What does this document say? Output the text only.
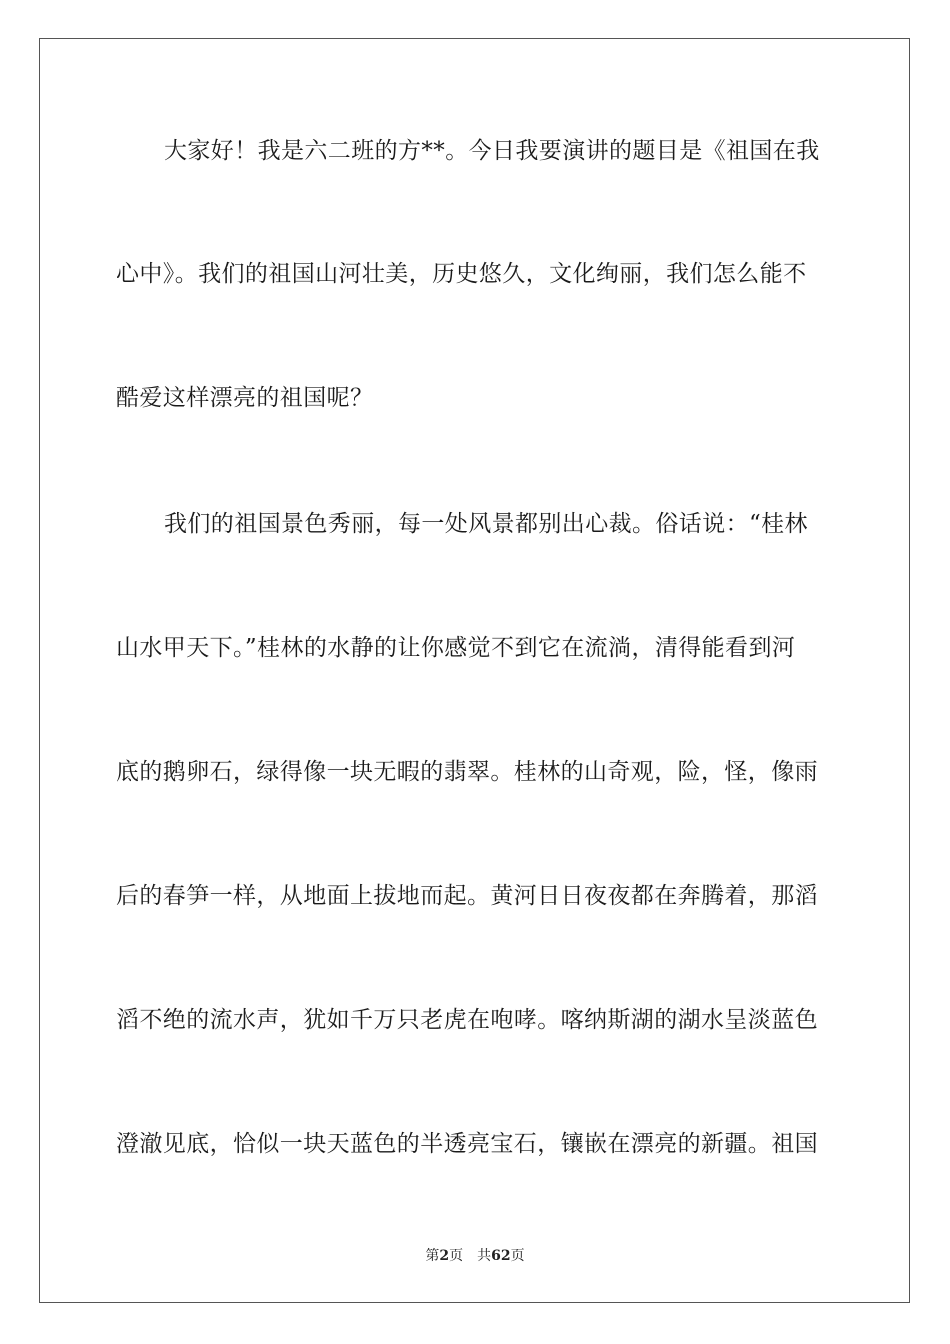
大家好！我是六二班的方**。今日我要演讲的题目是《祖国在我
心中》。我们的祖国山河壮美，历史悠久，文化绚丽，我们怎么能不
酷爱这样漂亮的祖国呢？
我们的祖国景色秀丽，每一处风景都别出心裁。俗话说：“桂林
山水甲天下。”桂林的水静的让你感觉不到它在流淌，清得能看到河
底的鹅卵石，绿得像一块无暇的翡翠。桂林的山奇观，险，怪，像雨
后的春笋一样，从地面上拔地而起。黄河日日夜夜都在奔腾着，那滔
滔不绝的流水声，犹如千万只老虎在咆哮。喀纳斯湖的湖水呈淡蓝色
澄澈见底，恰似一块天蓝色的半透亮宝石，镶嵌在漂亮的新疆。祖国
第2页 共62页
